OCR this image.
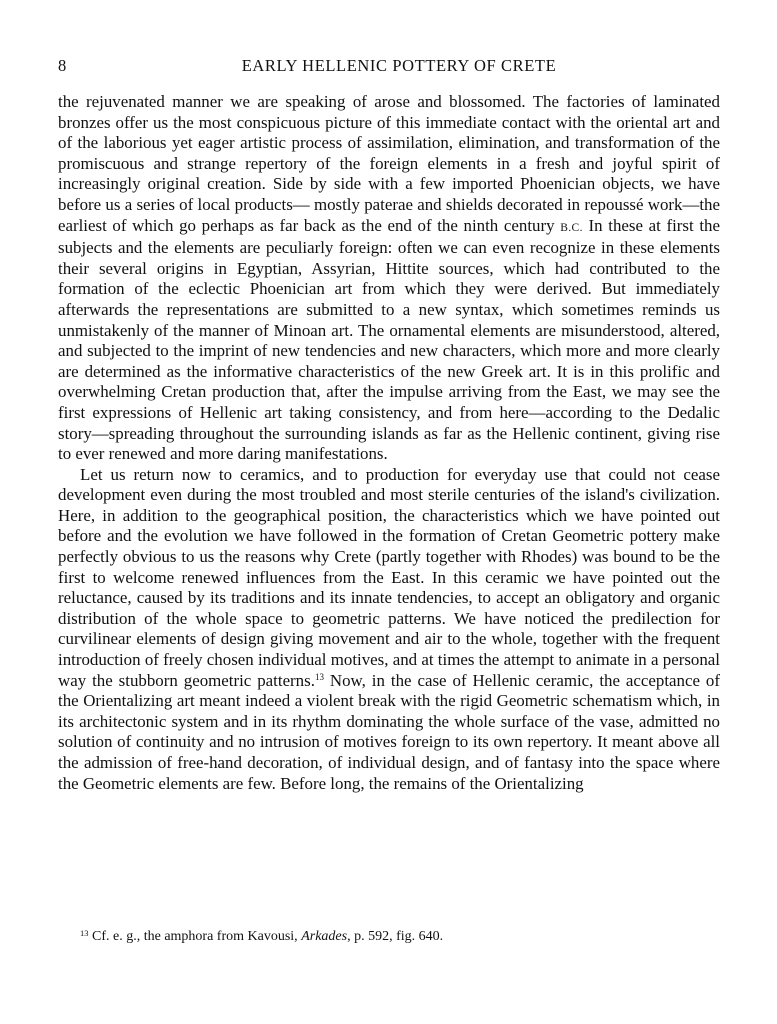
8	EARLY HELLENIC POTTERY OF CRETE

the rejuvenated manner we are speaking of arose and blossomed. The factories of laminated bronzes offer us the most conspicuous picture of this immediate contact with the oriental art and of the laborious yet eager artistic process of assimilation, elimination, and transformation of the promiscuous and strange repertory of the foreign elements in a fresh and joyful spirit of increasingly original creation. Side by side with a few imported Phoenician objects, we have before us a series of local products— mostly paterae and shields decorated in repoussé work—the earliest of which go perhaps as far back as the end of the ninth century B.C. In these at first the subjects and the elements are peculiarly foreign: often we can even recognize in these elements their several origins in Egyptian, Assyrian, Hittite sources, which had contributed to the formation of the eclectic Phoenician art from which they were derived. But immediately afterwards the representations are submitted to a new syntax, which sometimes reminds us unmistakenly of the manner of Minoan art. The ornamental elements are misunderstood, altered, and subjected to the imprint of new tendencies and new characters, which more and more clearly are determined as the informative characteristics of the new Greek art. It is in this prolific and overwhelming Cretan production that, after the impulse arriving from the East, we may see the first expressions of Hellenic art taking consistency, and from here—according to the Dedalic story—spreading throughout the surrounding islands as far as the Hellenic continent, giving rise to ever renewed and more daring manifestations.

Let us return now to ceramics, and to production for everyday use that could not cease development even during the most troubled and most sterile centuries of the island's civilization. Here, in addition to the geographical position, the characteristics which we have pointed out before and the evolution we have followed in the formation of Cretan Geometric pottery make perfectly obvious to us the reasons why Crete (partly together with Rhodes) was bound to be the first to welcome renewed influences from the East. In this ceramic we have pointed out the reluctance, caused by its traditions and its innate tendencies, to accept an obligatory and organic distribution of the whole space to geometric patterns. We have noticed the predilection for curvilinear elements of design giving movement and air to the whole, together with the frequent introduction of freely chosen individual motives, and at times the attempt to animate in a personal way the stubborn geometric patterns.$^{13}$ Now, in the case of Hellenic ceramic, the acceptance of the Orientalizing art meant indeed a violent break with the rigid Geometric schematism which, in its architectonic system and in its rhythm dominating the whole surface of the vase, admitted no solution of continuity and no intrusion of motives foreign to its own repertory. It meant above all the admission of free-hand decoration, of individual design, and of fantasy into the space where the Geometric elements are few. Before long, the remains of the Orientalizing

$^{13}$ Cf. e. g., the amphora from Kavousi, Arkades, p. 592, fig. 640.
